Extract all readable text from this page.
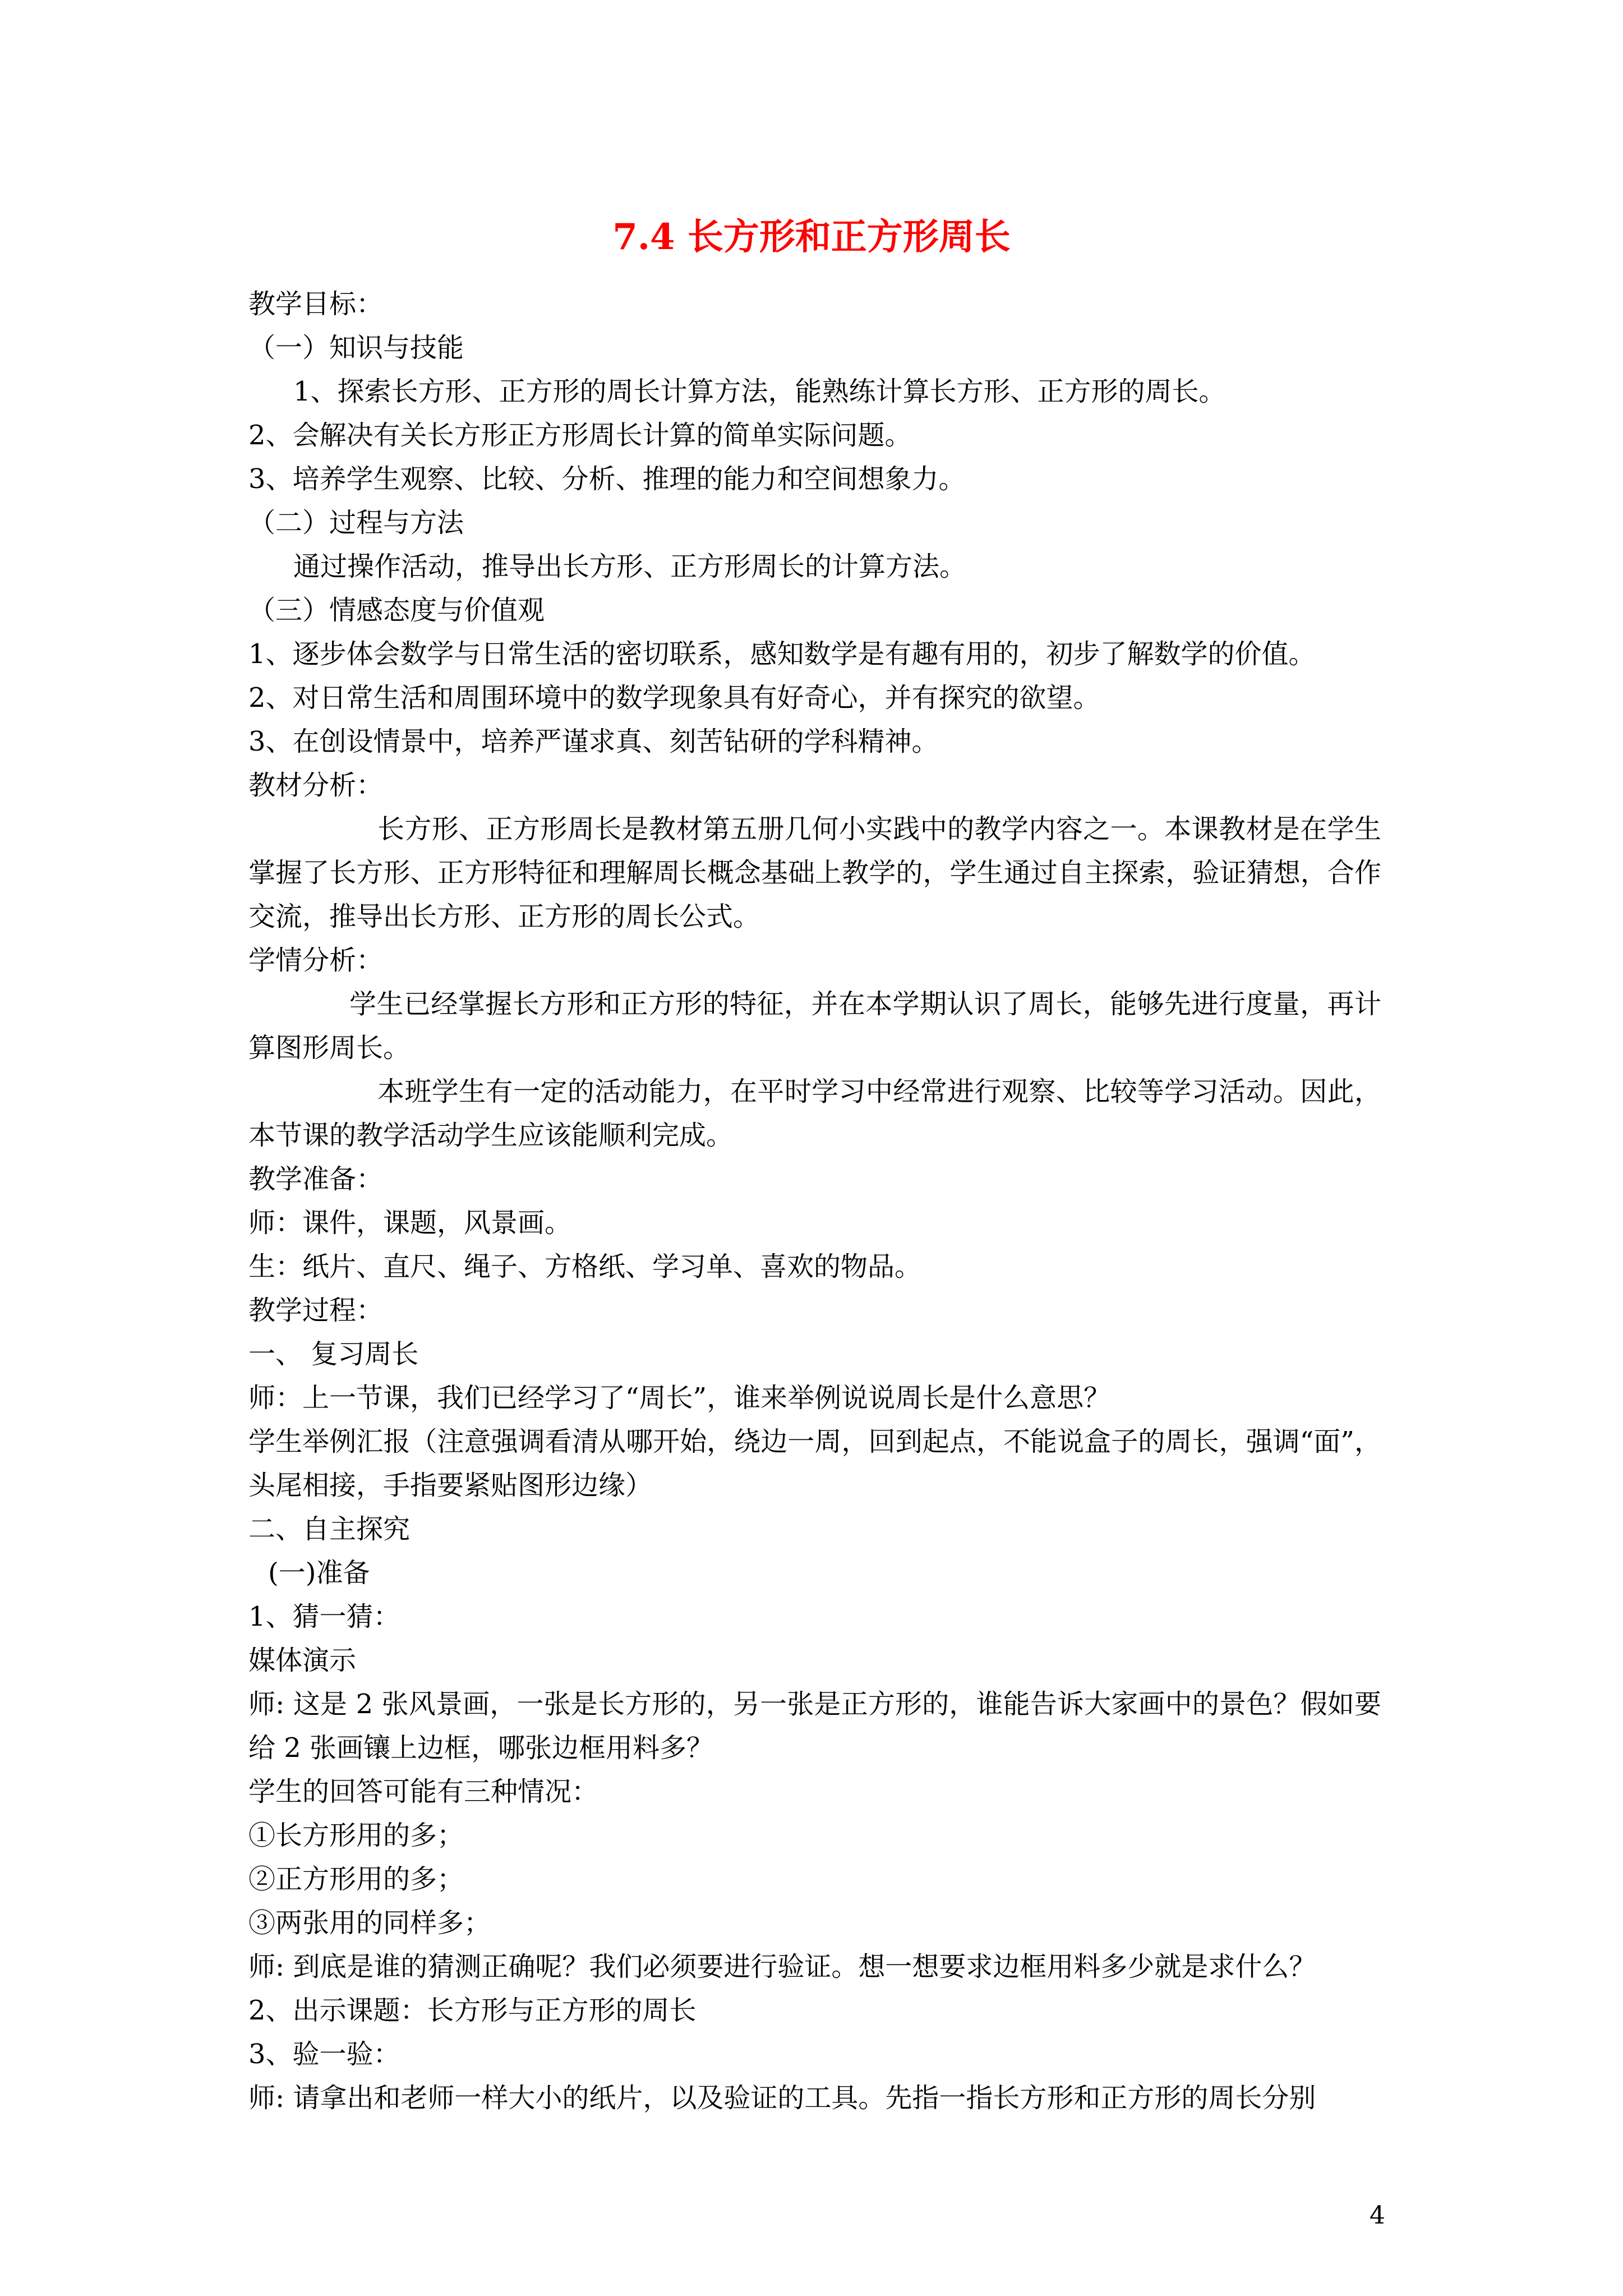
7.4 长方形和正方形周长
教学目标：
（一）知识与技能
1、探索长方形、正方形的周长计算方法，能熟练计算长方形、正方形的周长。
2、会解决有关长方形正方形周长计算的简单实际问题。
3、培养学生观察、比较、分析、推理的能力和空间想象力。
（二）过程与方法
通过操作活动，推导出长方形、正方形周长的计算方法。
（三）情感态度与价值观
1、逐步体会数学与日常生活的密切联系，感知数学是有趣有用的，初步了解数学的价值。
2、对日常生活和周围环境中的数学现象具有好奇心，并有探究的欲望。
3、在创设情景中，培养严谨求真、刻苦钻研的学科精神。
教材分析：
长方形、正方形周长是教材第五册几何小实践中的教学内容之一。本课教材是在学生掌握了长方形、正方形特征和理解周长概念基础上教学的，学生通过自主探索，验证猜想，合作交流，推导出长方形、正方形的周长公式。
学情分析：
学生已经掌握长方形和正方形的特征，并在本学期认识了周长，能够先进行度量，再计算图形周长。
本班学生有一定的活动能力，在平时学习中经常进行观察、比较等学习活动。因此，本节课的教学活动学生应该能顺利完成。
教学准备：
师：课件，课题，风景画。
生：纸片、直尺、绳子、方格纸、学习单、喜欢的物品。
教学过程：
一、 复习周长
师：上一节课，我们已经学习了“周长”，谁来举例说说周长是什么意思？
学生举例汇报（注意强调看清从哪开始，绕边一周，回到起点，不能说盒子的周长，强调“面”，头尾相接，手指要紧贴图形边缘）
二、自主探究
(一)准备
1、猜一猜：
媒体演示
师: 这是 2 张风景画，一张是长方形的，另一张是正方形的，谁能告诉大家画中的景色？假如要给 2 张画镶上边框，哪张边框用料多？
学生的回答可能有三种情况：
①长方形用的多；
②正方形用的多；
③两张用的同样多；
师: 到底是谁的猜测正确呢？我们必须要进行验证。想一想要求边框用料多少就是求什么？
2、出示课题：长方形与正方形的周长
3、验一验：
师: 请拿出和老师一样大小的纸片，以及验证的工具。先指一指长方形和正方形的周长分别
4
